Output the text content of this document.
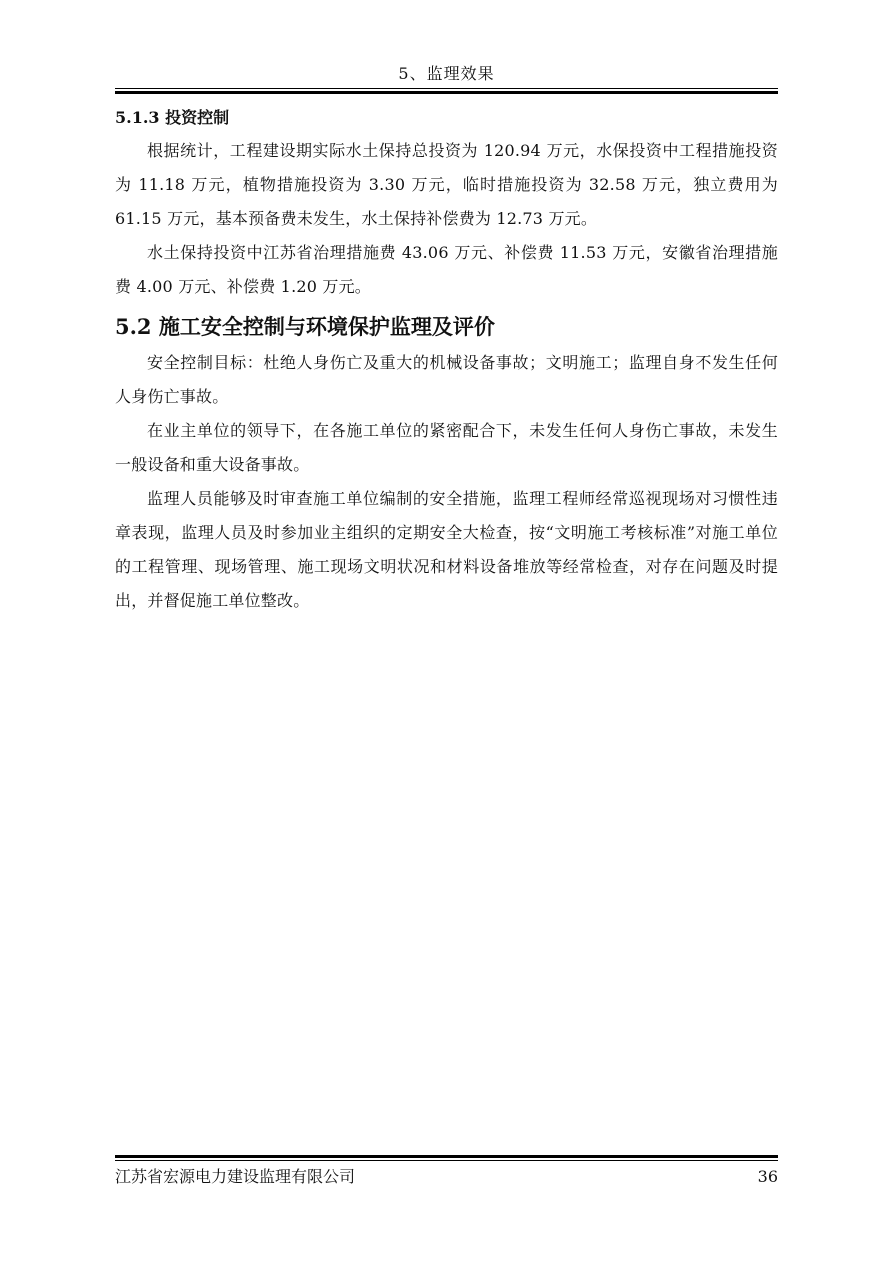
5、监理效果
5.1.3 投资控制

根据统计，工程建设期实际水土保持总投资为 120.94 万元，水保投资中工程措施投资为 11.18 万元，植物措施投资为 3.30 万元，临时措施投资为 32.58 万元，独立费用为 61.15 万元，基本预备费未发生，水土保持补偿费为 12.73 万元。

水土保持投资中江苏省治理措施费 43.06 万元、补偿费 11.53 万元，安徽省治理措施费 4.00 万元、补偿费 1.20 万元。

5.2 施工安全控制与环境保护监理及评价

安全控制目标：杜绝人身伤亡及重大的机械设备事故；文明施工；监理自身不发生任何人身伤亡事故。

在业主单位的领导下，在各施工单位的紧密配合下，未发生任何人身伤亡事故，未发生一般设备和重大设备事故。

监理人员能够及时审查施工单位编制的安全措施，监理工程师经常巡视现场对习惯性违章表现，监理人员及时参加业主组织的定期安全大检查，按“文明施工考核标准”对施工单位的工程管理、现场管理、施工现场文明状况和材料设备堆放等经常检查，对存在问题及时提出，并督促施工单位整改。

江苏省宏源电力建设监理有限公司	36
